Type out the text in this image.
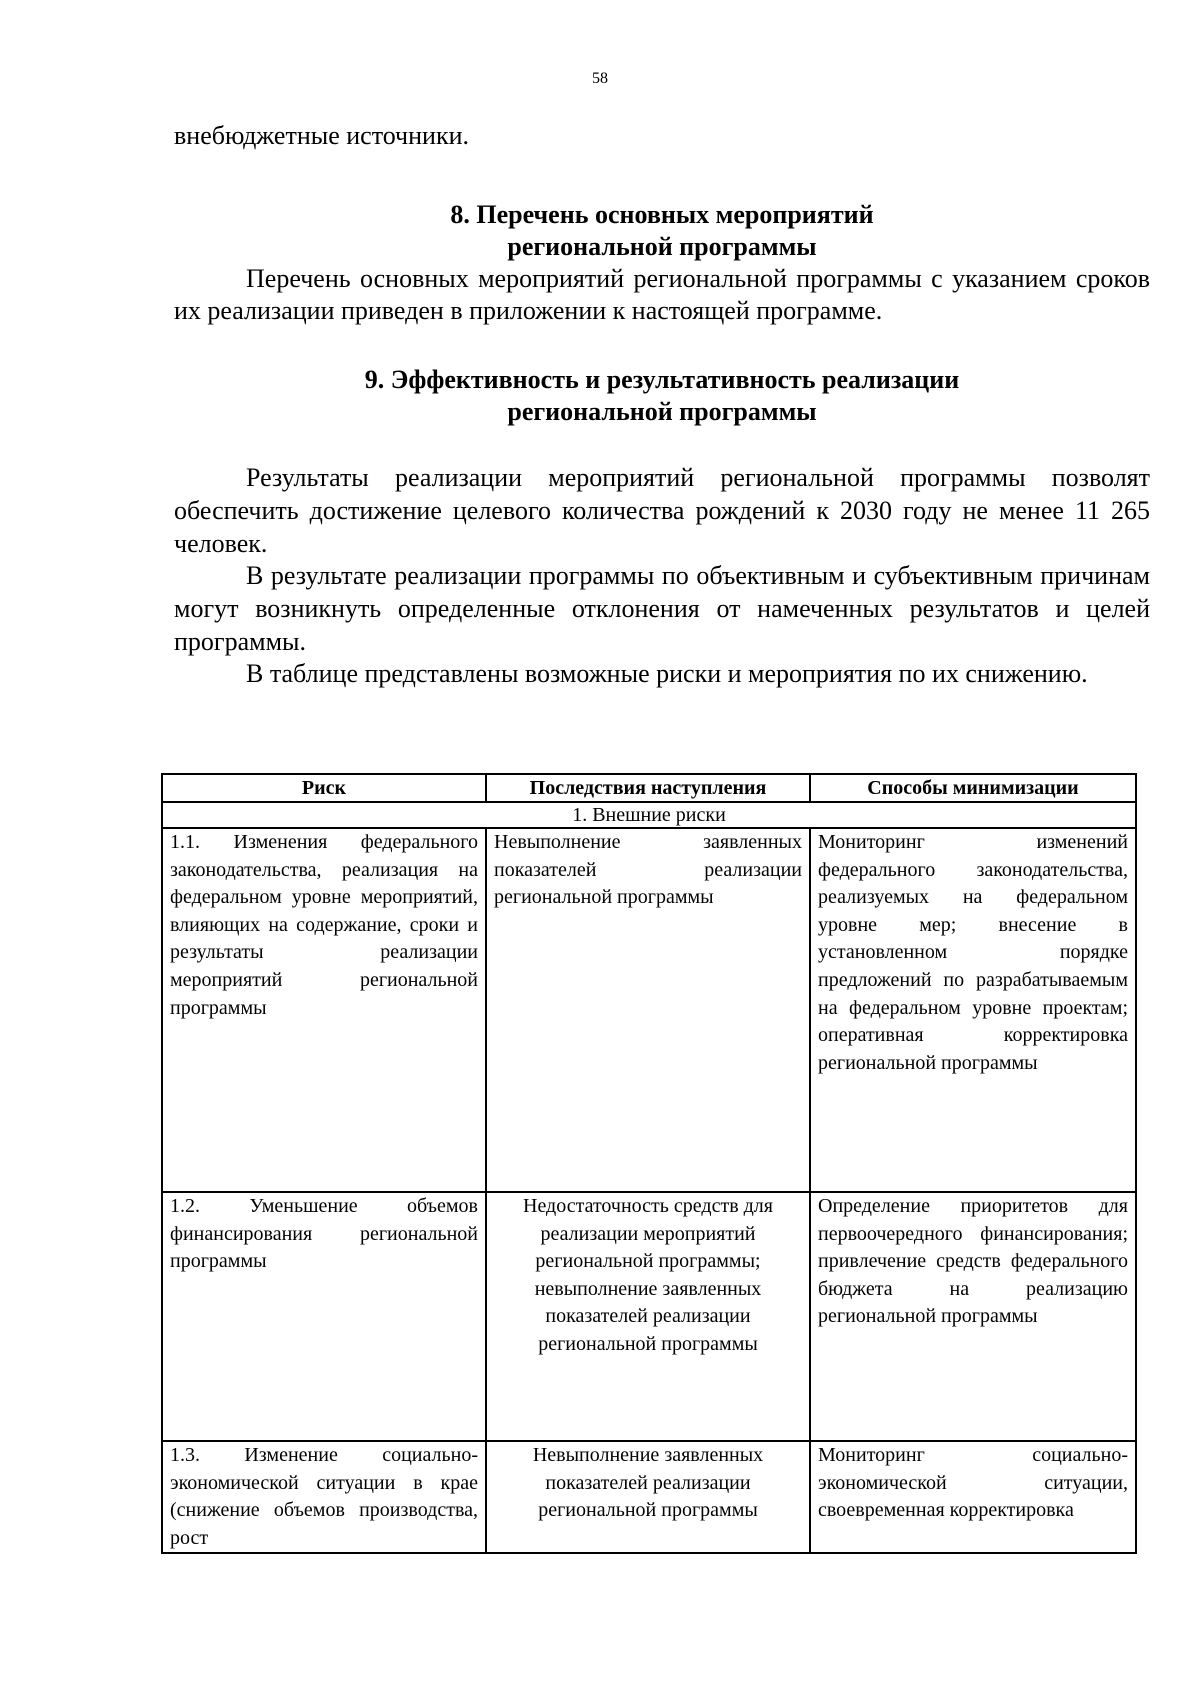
58

внебюджетные источники.

8. Перечень основных мероприятий
региональной программы

Перечень основных мероприятий региональной программы с указанием сроков их реализации приведен в приложении к настоящей программе.

9. Эффективность и результативность реализации
региональной программы

Результаты реализации мероприятий региональной программы позволят обеспечить достижение целевого количества рождений к 2030 году не менее 11 265 человек.

В результате реализации программы по объективным и субъективным причинам могут возникнуть определенные отклонения от намеченных результатов и целей программы.

В таблице представлены возможные риски и мероприятия по их снижению.

Риск	Последствия наступления	Способы минимизации
1. Внешние риски		
1.1. Изменения федерального законодательства, реализация на федеральном уровне мероприятий, влияющих на содержание, сроки и результаты реализации мероприятий региональной программы	Невыполнение заявленных показателей реализации региональной программы	Мониторинг изменений федерального законодательства, реализуемых на федеральном уровне мер; внесение в установленном порядке предложений по разрабатываемым на федеральном уровне проектам; оперативная корректировка региональной программы
1.2. Уменьшение объемов финансирования региональной программы	Недостаточность средств для реализации мероприятий региональной программы; невыполнение заявленных показателей реализации региональной программы	Определение приоритетов для первоочередного финансирования; привлечение средств федерального бюджета на реализацию региональной программы
1.3. Изменение социально-экономической ситуации в крае (снижение объемов производства, рост	Невыполнение заявленных показателей реализации региональной программы	Мониторинг социально-экономической ситуации, своевременная корректировка
